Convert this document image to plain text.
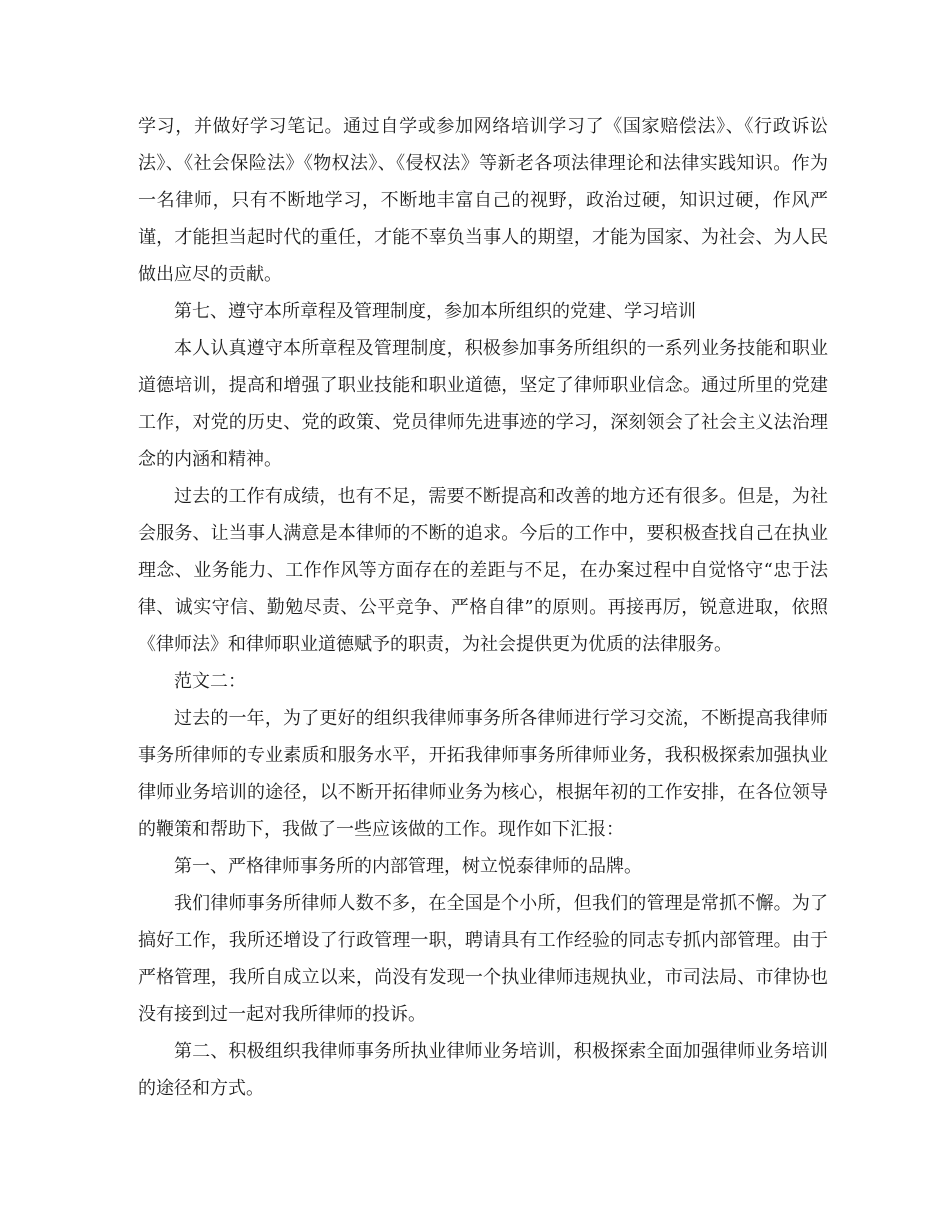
学习，并做好学习笔记。通过自学或参加网络培训学习了《国家赔偿法》、《行政诉讼法》、《社会保险法》《物权法》、《侵权法》等新老各项法律理论和法律实践知识。作为一名律师，只有不断地学习，不断地丰富自己的视野，政治过硬，知识过硬，作风严谨，才能担当起时代的重任，才能不辜负当事人的期望，才能为国家、为社会、为人民做出应尽的贡献。

第七、遵守本所章程及管理制度，参加本所组织的党建、学习培训

本人认真遵守本所章程及管理制度，积极参加事务所组织的一系列业务技能和职业道德培训，提高和增强了职业技能和职业道德，坚定了律师职业信念。通过所里的党建工作，对党的历史、党的政策、党员律师先进事迹的学习，深刻领会了社会主义法治理念的内涵和精神。

过去的工作有成绩，也有不足，需要不断提高和改善的地方还有很多。但是，为社会服务、让当事人满意是本律师的不断的追求。今后的工作中，要积极查找自己在执业理念、业务能力、工作作风等方面存在的差距与不足，在办案过程中自觉恪守“忠于法律、诚实守信、勤勉尽责、公平竞争、严格自律”的原则。再接再厉，锐意进取，依照《律师法》和律师职业道德赋予的职责，为社会提供更为优质的法律服务。

范文二：

过去的一年，为了更好的组织我律师事务所各律师进行学习交流，不断提高我律师事务所律师的专业素质和服务水平，开拓我律师事务所律师业务，我积极探索加强执业律师业务培训的途径，以不断开拓律师业务为核心，根据年初的工作安排，在各位领导的鞭策和帮助下，我做了一些应该做的工作。现作如下汇报：

第一、严格律师事务所的内部管理，树立悦泰律师的品牌。

我们律师事务所律师人数不多，在全国是个小所，但我们的管理是常抓不懈。为了搞好工作，我所还增设了行政管理一职，聘请具有工作经验的同志专抓内部管理。由于严格管理，我所自成立以来，尚没有发现一个执业律师违规执业，市司法局、市律协也没有接到过一起对我所律师的投诉。

第二、积极组织我律师事务所执业律师业务培训，积极探索全面加强律师业务培训的途径和方式。
